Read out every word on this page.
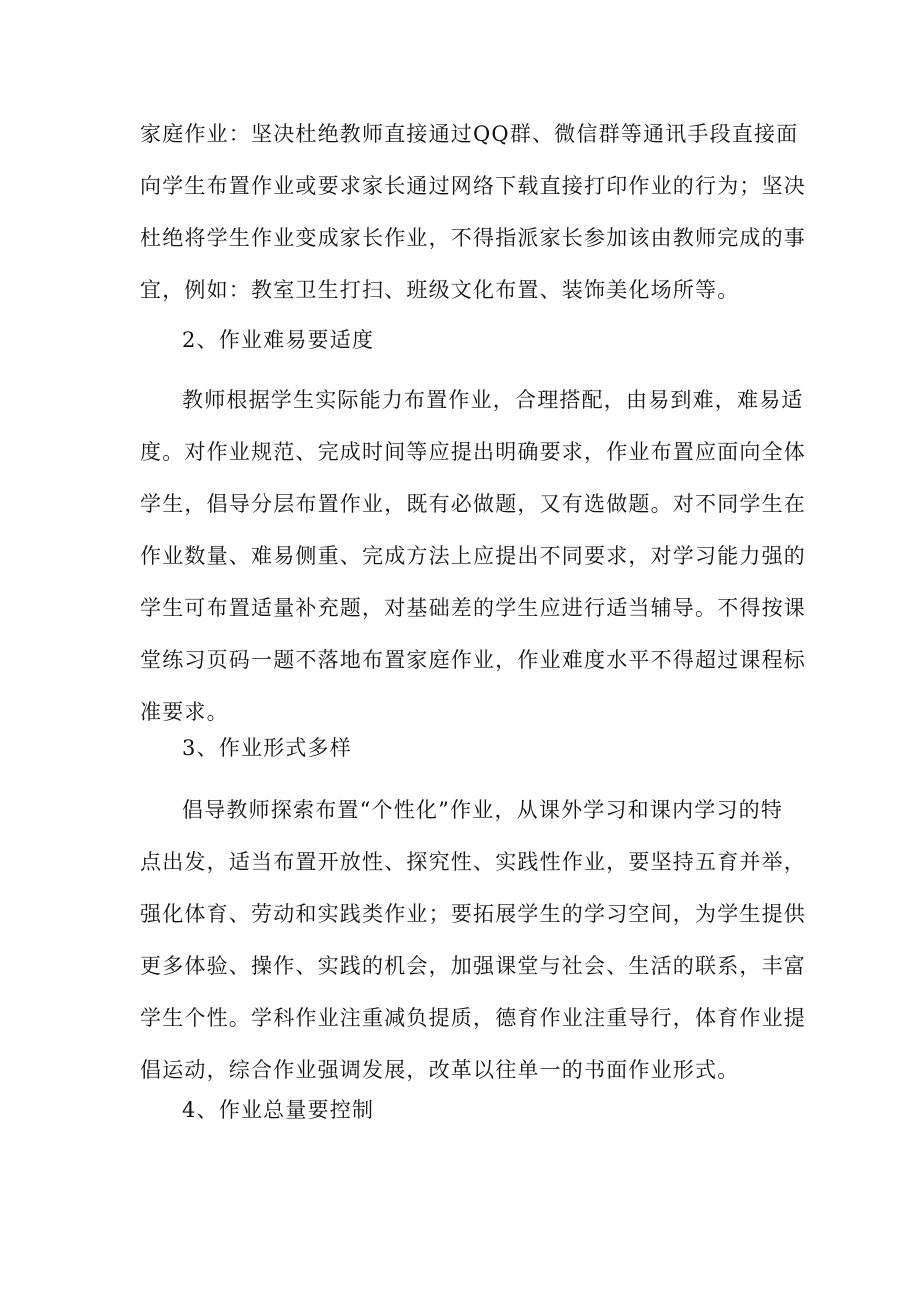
家庭作业：坚决杜绝教师直接通过QQ群、微信群等通讯手段直接面
向学生布置作业或要求家长通过网络下载直接打印作业的行为；坚决
杜绝将学生作业变成家长作业，不得指派家长参加该由教师完成的事
宜，例如：教室卫生打扫、班级文化布置、装饰美化场所等。
2、作业难易要适度
教师根据学生实际能力布置作业，合理搭配，由易到难，难易适
度。对作业规范、完成时间等应提出明确要求，作业布置应面向全体
学生，倡导分层布置作业，既有必做题，又有选做题。对不同学生在
作业数量、难易侧重、完成方法上应提出不同要求，对学习能力强的
学生可布置适量补充题，对基础差的学生应进行适当辅导。不得按课
堂练习页码一题不落地布置家庭作业，作业难度水平不得超过课程标
准要求。
3、作业形式多样
倡导教师探索布置“个性化”作业，从课外学习和课内学习的特
点出发，适当布置开放性、探究性、实践性作业，要坚持五育并举，
强化体育、劳动和实践类作业；要拓展学生的学习空间，为学生提供
更多体验、操作、实践的机会，加强课堂与社会、生活的联系，丰富
学生个性。学科作业注重减负提质，德育作业注重导行，体育作业提
倡运动，综合作业强调发展，改革以往单一的书面作业形式。
4、作业总量要控制
